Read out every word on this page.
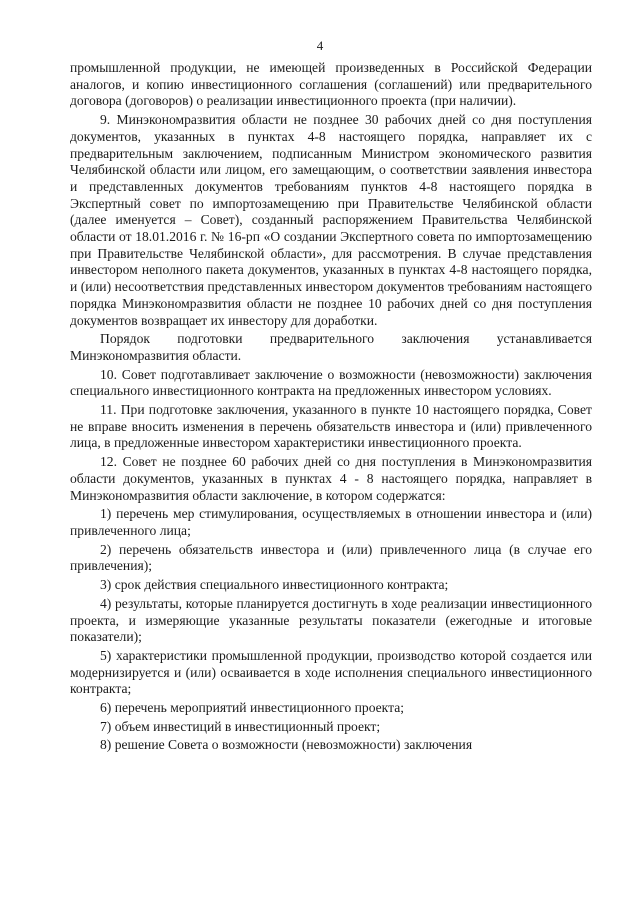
4

промышленной продукции, не имеющей произведенных в Российской Федерации аналогов, и копию инвестиционного соглашения (соглашений) или предварительного договора (договоров) о реализации инвестиционного проекта (при наличии).

9. Минэкономразвития области не позднее 30 рабочих дней со дня поступления документов, указанных в пунктах 4-8 настоящего порядка, направляет их с предварительным заключением, подписанным Министром экономического развития Челябинской области или лицом, его замещающим, о соответствии заявления инвестора и представленных документов требованиям пунктов 4-8 настоящего порядка в Экспертный совет по импортозамещению при Правительстве Челябинской области (далее именуется – Совет), созданный распоряжением Правительства Челябинской области от 18.01.2016 г. № 16-рп «О создании Экспертного совета по импортозамещению при Правительстве Челябинской области», для рассмотрения. В случае представления инвестором неполного пакета документов, указанных в пунктах 4-8 настоящего порядка, и (или) несоответствия представленных инвестором документов требованиям настоящего порядка Минэкономразвития области не позднее 10 рабочих дней со дня поступления документов возвращает их инвестору для доработки.

Порядок подготовки предварительного заключения устанавливается Минэкономразвития области.

10. Совет подготавливает заключение о возможности (невозможности) заключения специального инвестиционного контракта на предложенных инвестором условиях.

11. При подготовке заключения, указанного в пункте 10 настоящего порядка, Совет не вправе вносить изменения в перечень обязательств инвестора и (или) привлеченного лица, в предложенные инвестором характеристики инвестиционного проекта.

12. Совет не позднее 60 рабочих дней со дня поступления в Минэкономразвития области документов, указанных в пунктах 4 - 8 настоящего порядка, направляет в Минэкономразвития области заключение, в котором содержатся:

1) перечень мер стимулирования, осуществляемых в отношении инвестора и (или) привлеченного лица;

2) перечень обязательств инвестора и (или) привлеченного лица (в случае его привлечения);

3) срок действия специального инвестиционного контракта;

4) результаты, которые планируется достигнуть в ходе реализации инвестиционного проекта, и измеряющие указанные результаты показатели (ежегодные и итоговые показатели);

5) характеристики промышленной продукции, производство которой создается или модернизируется и (или) осваивается в ходе исполнения специального инвестиционного контракта;

6) перечень мероприятий инвестиционного проекта;

7) объем инвестиций в инвестиционный проект;

8) решение Совета о возможности (невозможности) заключения
